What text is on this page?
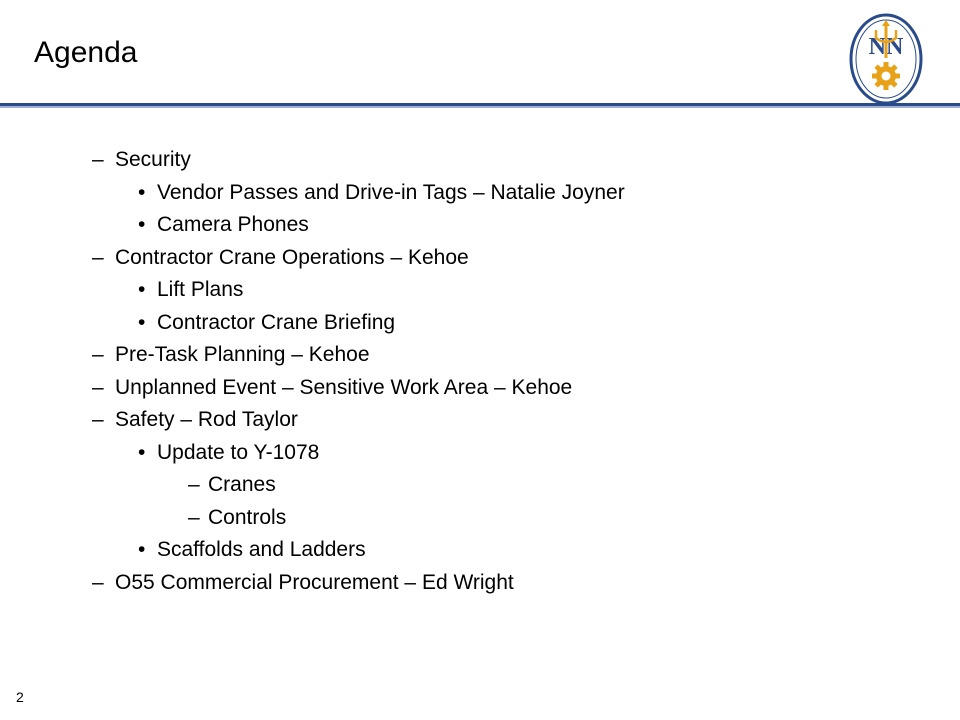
Agenda	NN
– Security
• Vendor Passes and Drive-in Tags – Natalie Joyner
• Camera Phones
– Contractor Crane Operations – Kehoe
• Lift Plans
• Contractor Crane Briefing
– Pre-Task Planning – Kehoe
– Unplanned Event – Sensitive Work Area – Kehoe
– Safety – Rod Taylor
• Update to Y-1078
– Cranes
– Controls
• Scaffolds and Ladders
– O55 Commercial Procurement – Ed Wright
2
